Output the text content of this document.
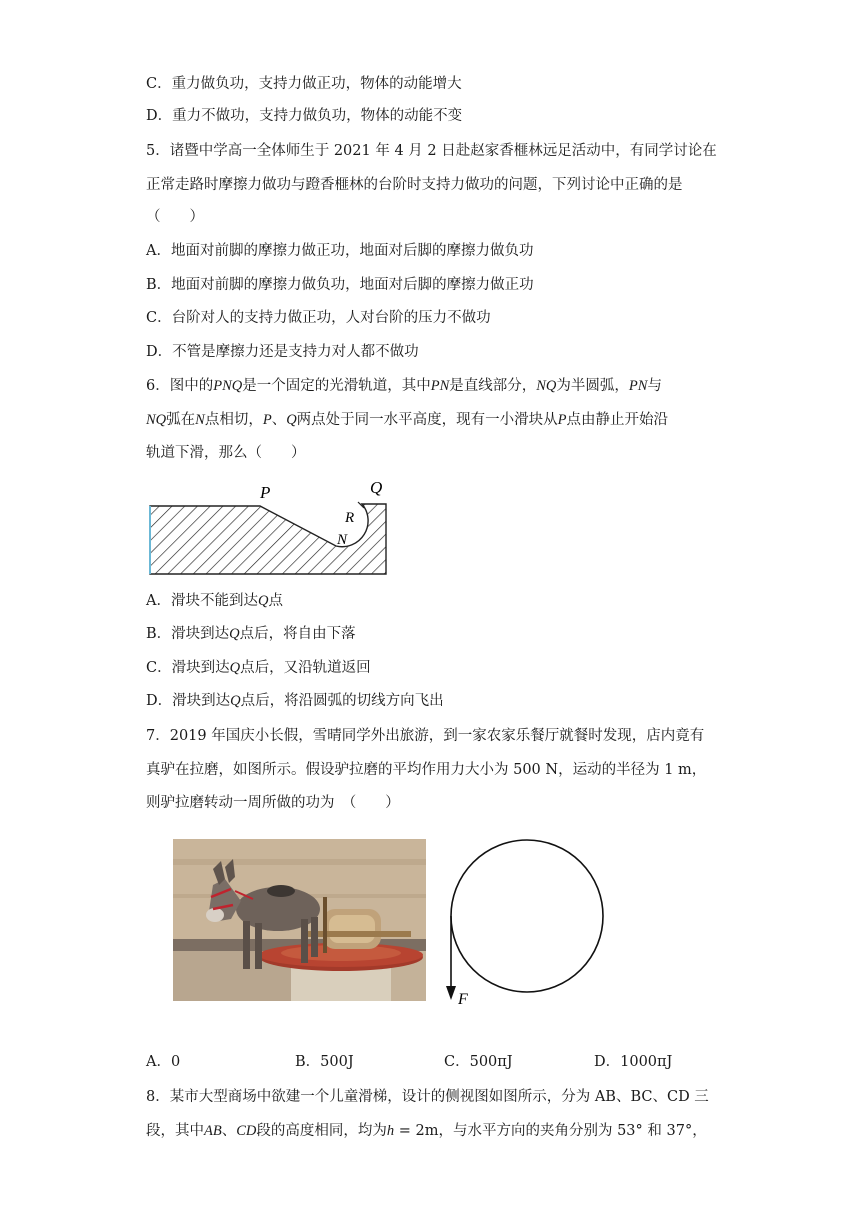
C．重力做负功，支持力做正功，物体的动能增大
D．重力不做功，支持力做负功，物体的动能不变
5．诸暨中学高一全体师生于 2021 年 4 月 2 日赴赵家香榧林远足活动中，有同学讨论在
正常走路时摩擦力做功与蹬香榧林的台阶时支持力做功的问题，下列讨论中正确的是
（　　）
A．地面对前脚的摩擦力做正功，地面对后脚的摩擦力做负功
B．地面对前脚的摩擦力做负功，地面对后脚的摩擦力做正功
C．台阶对人的支持力做正功，人对台阶的压力不做功
D．不管是摩擦力还是支持力对人都不做功
6．图中的PNQ是一个固定的光滑轨道，其中PN是直线部分，NQ为半圆弧，PN与
NQ弧在N点相切，P、Q两点处于同一水平高度，现有一小滑块从P点由静止开始沿
轨道下滑，那么（　　）
P	Q
R
N
A．滑块不能到达Q点
B．滑块到达Q点后，将自由下落
C．滑块到达Q点后，又沿轨道返回
D．滑块到达Q点后，将沿圆弧的切线方向飞出
7．2019 年国庆小长假，雪晴同学外出旅游，到一家农家乐餐厅就餐时发现，店内竟有
真驴在拉磨，如图所示。假设驴拉磨的平均作用力大小为 500 N，运动的半径为 1 m，
则驴拉磨转动一周所做的功为　（　　）
F
A．0	B．500J	C．500πJ	D．1000πJ
8．某市大型商场中欲建一个儿童滑梯，设计的侧视图如图所示，分为 AB、BC、CD 三
段，其中AB、CD段的高度相同，均为h = 2m，与水平方向的夹角分别为 53° 和 37°，
